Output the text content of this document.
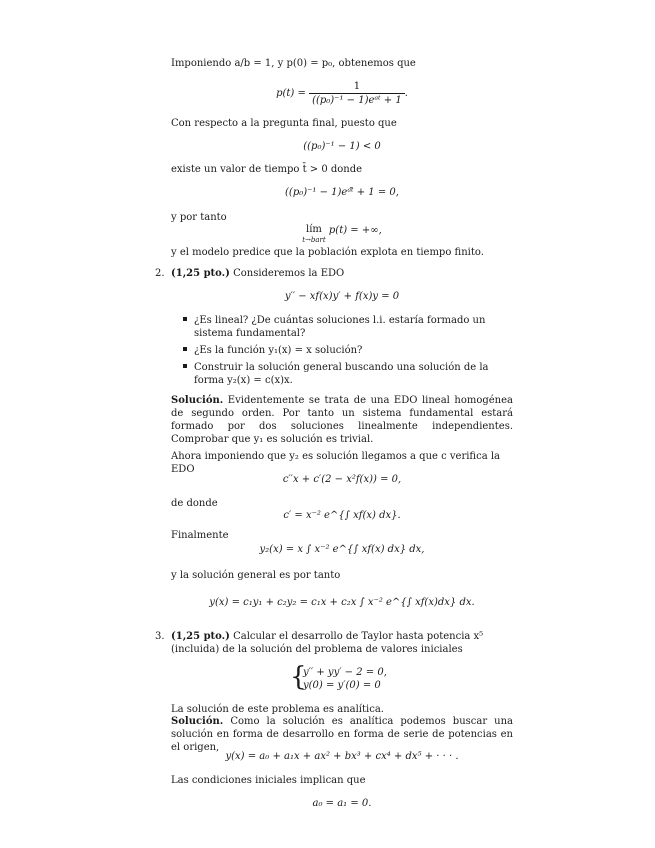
Imponiendo a/b = 1, y p(0) = p₀, obtenemos que
$p(t) = \frac{1}{\text{((p₀)⁻¹ − 1)eᵃᵗ + 1}}$ .
Con respecto a la pregunta final, puesto que
((p₀)⁻¹ − 1) < 0
existe un valor de tiempo t̄ > 0 donde
((p₀)⁻¹ − 1)eᵃᵗ̄ + 1 = 0,
y por tanto
lím
t→bart
p(t) = +∞,
y el modelo predice que la población explota en tiempo finito.
2. (1,25 pto.) Consideremos la EDO
y′′ − xf(x)y′ + f(x)y = 0
¿Es lineal? ¿De cuántas soluciones l.i. estaría formado un sistema fundamental?
¿Es la función y₁(x) = x solución?
Construir la solución general buscando una solución de la forma y₂(x) = c(x)x.
Solución. Evidentemente se trata de una EDO lineal homogénea de segundo orden. Por tanto un sistema fundamental estará formado por dos soluciones linealmente independientes. Comprobar que y₁ es solución es trivial.
Ahora imponiendo que y₂ es solución llegamos a que c verifica la EDO
c′′x + c′(2 − x²f(x)) = 0,
de donde
c′ = x⁻² e^{∫ xf(x) dx}.
Finalmente
y₂(x) = x ∫ x⁻² e^{∫ xf(x) dx} dx,
y la solución general es por tanto
y(x) = c₁y₁ + c₂y₂ = c₁x + c₂x ∫ x⁻² e^{∫ xf(x)dx} dx.
3. (1,25 pto.) Calcular el desarrollo de Taylor hasta potencia x⁵ (incluida) de la solución del problema de valores iniciales
{
y′′ + yy′ − 2 = 0,
y(0) = y′(0) = 0
La solución de este problema es analítica.
Solución. Como la solución es analítica podemos buscar una solución en forma de desarrollo en forma de serie de potencias en el origen,
y(x) = a₀ + a₁x + ax² + bx³ + cx⁴ + dx⁵ + · · · .
Las condiciones iniciales implican que
a₀ = a₁ = 0.
